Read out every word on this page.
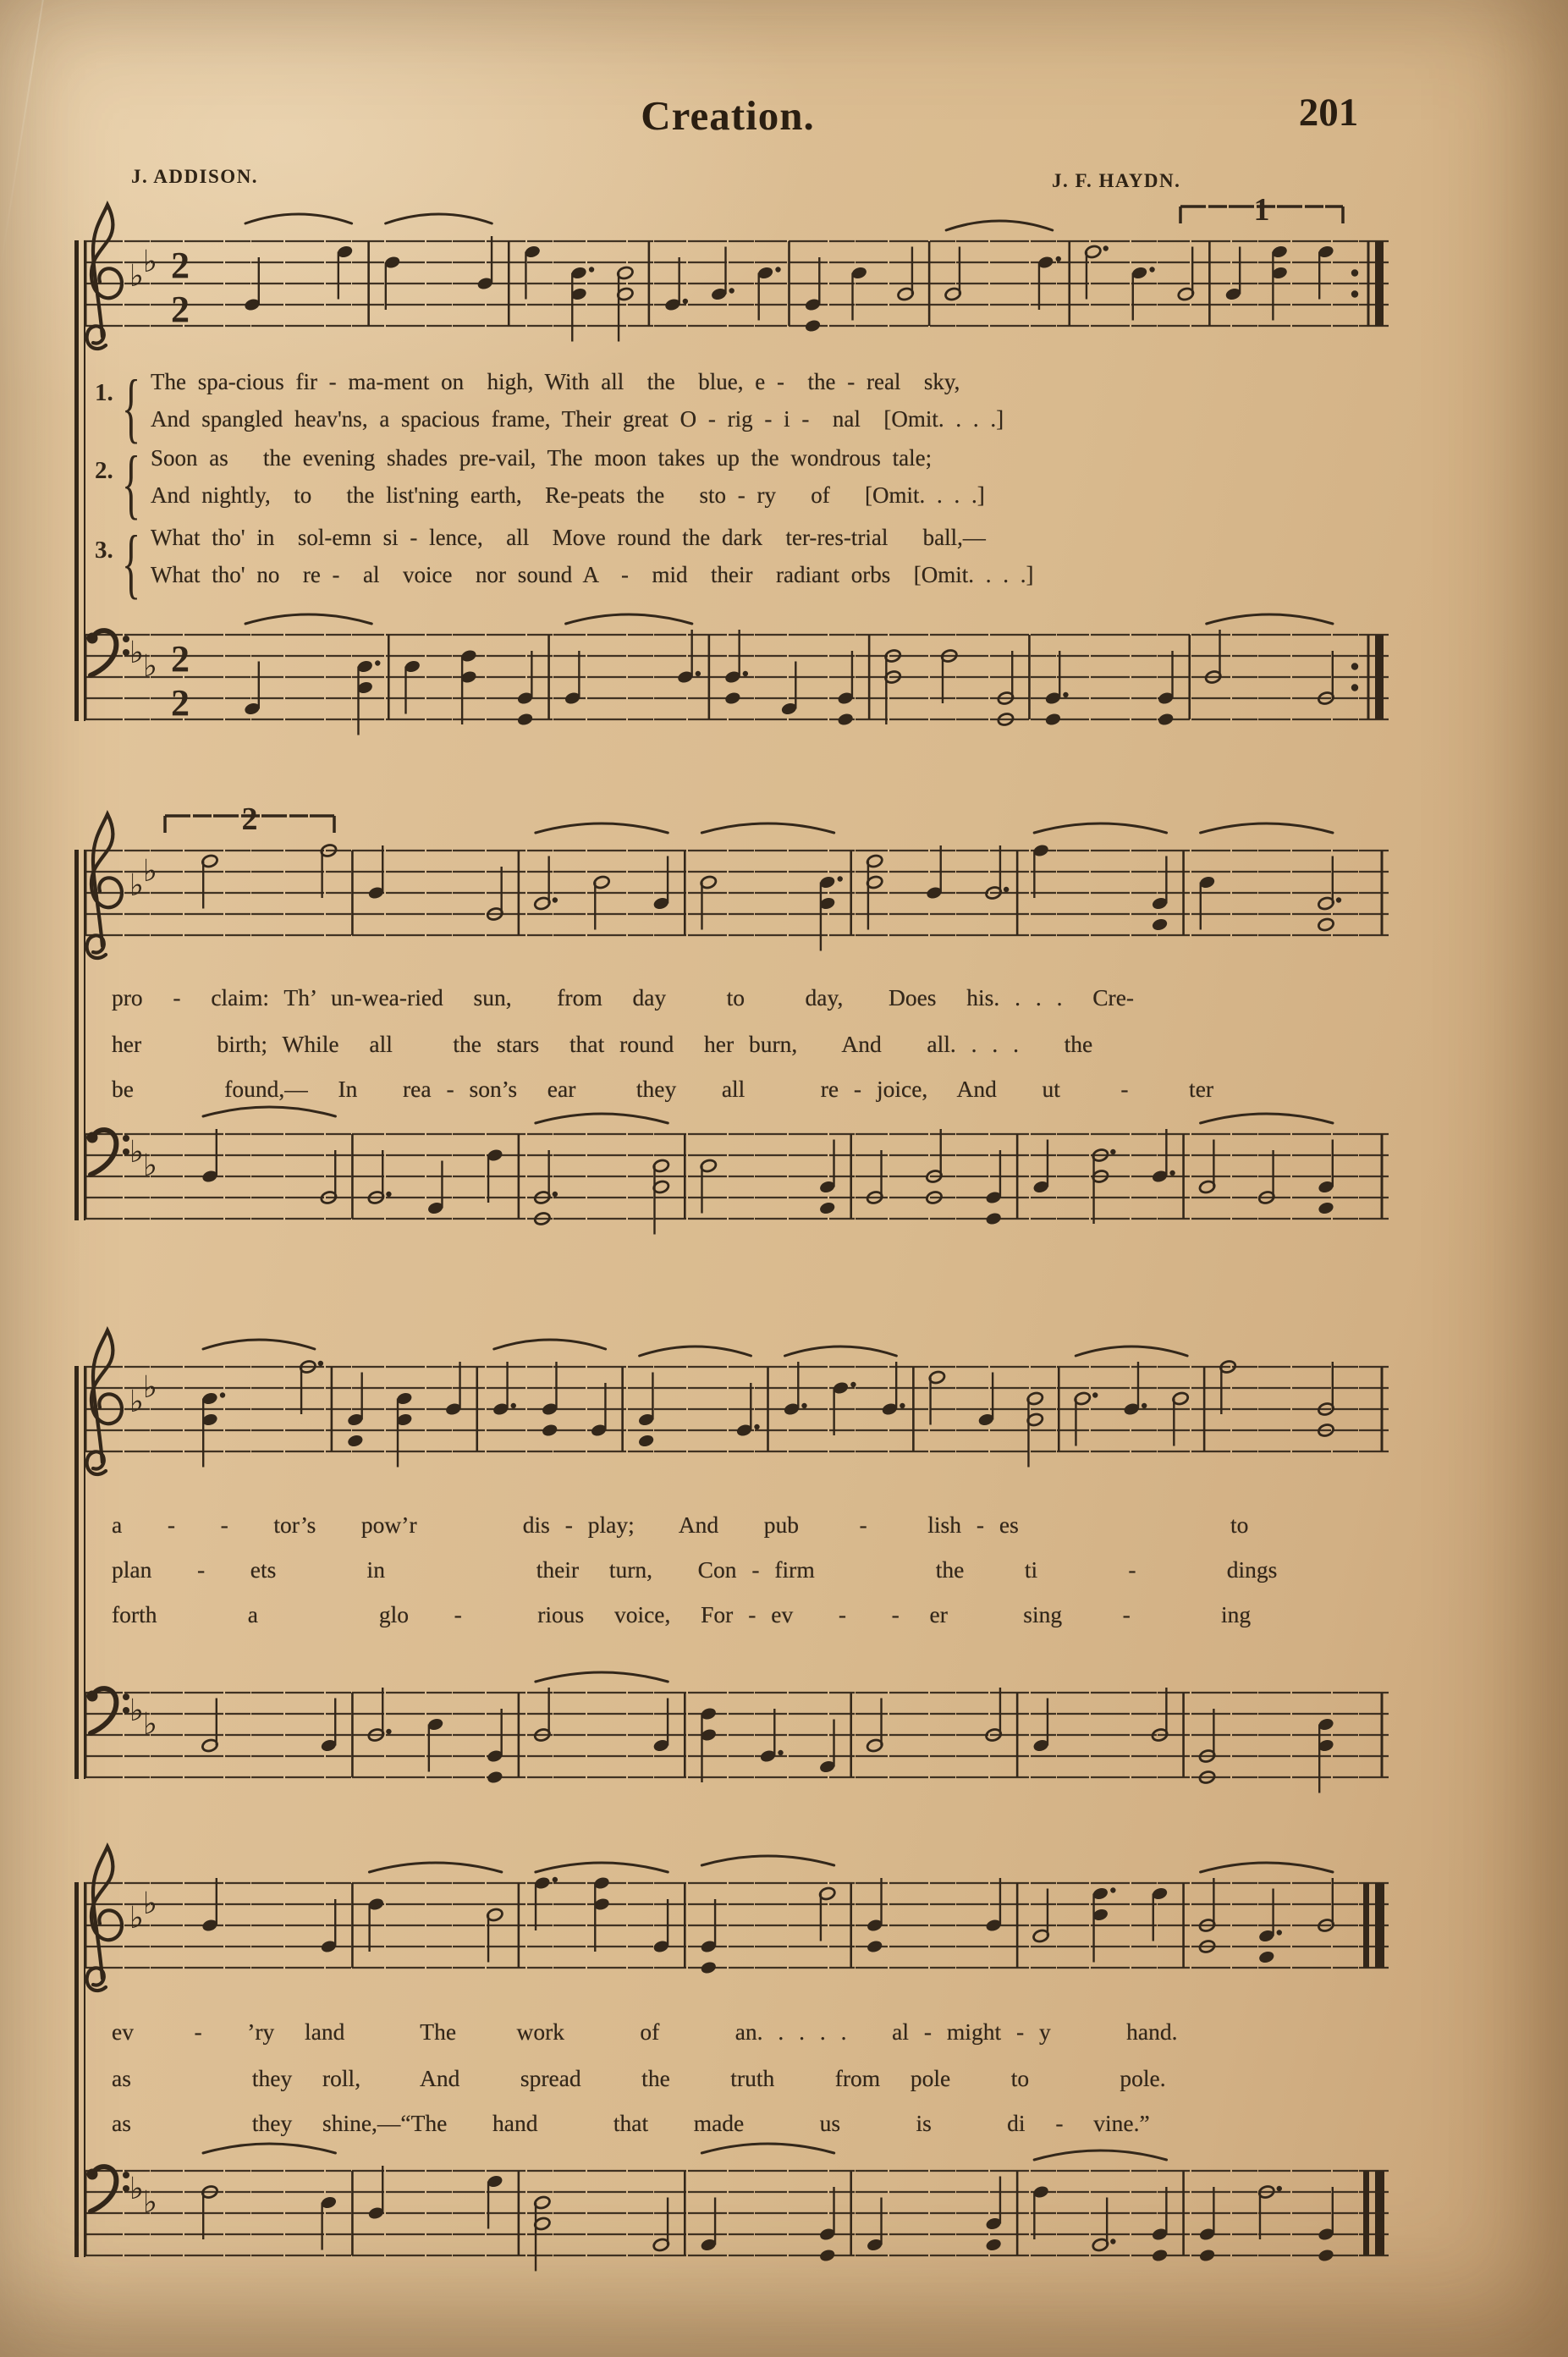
Creation.	201
J. ADDISON.	J. F. HAYDN.
♭ ♭ 2
2
1
♭ ♭ 2
2
♭ ♭
2
♭ ♭
♭ ♭
♭ ♭
♭ ♭
♭ ♭
1. { The spa-cious fir - ma-ment on  high, With all  the  blue, e -  the - real  sky,
And spangled heav'ns, a spacious frame, Their great O - rig - i -  nal  [Omit. . . .]
2. { Soon as   the evening shades pre-vail, The moon takes up the wondrous tale;
And nightly,  to   the list'ning earth,  Re-peats the   sto - ry   of   [Omit. . . .]
3. { What tho' in  sol-emn si - lence,  all  Move round the dark  ter-res-trial   ball,—
What tho' no  re -  al  voice  nor sound A  -  mid  their  radiant orbs  [Omit. . . .]
pro  -  claim: Th’ un-wea-ried  sun,   from  day    to    day,   Does  his. . . .  Cre-
her     birth; While  all    the stars  that round  her burn,   And   all. . . .   the
be      found,—  In   rea - son’s  ear    they   all     re - joice,  And   ut    -    ter
a   -   -   tor’s   pow’r       dis - play;   And   pub    -    lish - es              to
plan   -   ets      in          their  turn,   Con - firm        the    ti      -      dings
forth      a        glo   -     rious  voice,  For - ev   -   -  er     sing    -      ing
ev    -   ’ry  land     The    work     of     an. . . . .   al - might - y     hand.
as        they  roll,    And    spread    the    truth    from  pole    to      pole.
as        they  shine,—“The   hand     that   made     us     is     di  -  vine.”
